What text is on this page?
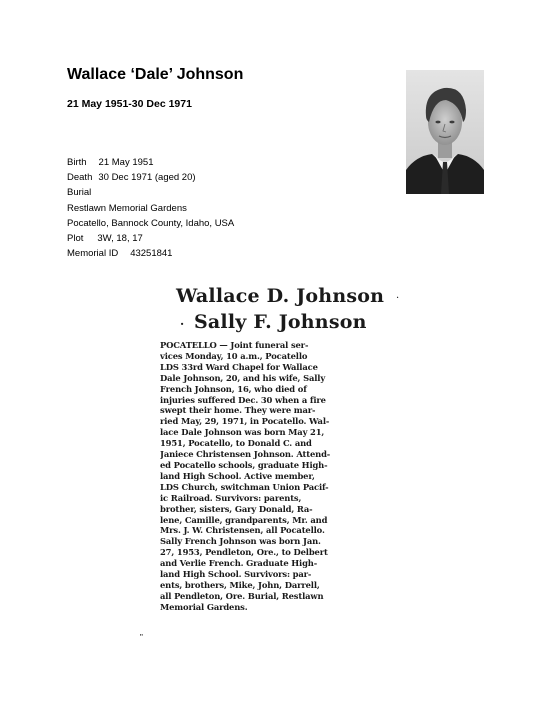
Wallace ‘Dale’ Johnson
21 May 1951-30 Dec 1971
Birth 21 May 1951
Death 30 Dec 1971 (aged 20)
Burial
Restlawn Memorial Gardens
Pocatello, Bannock County, Idaho, USA
Plot 3W, 18, 17
Memorial ID 43251841
Wallace D. Johnson ·
· Sally F. Johnson
POCATELLO — Joint funeral ser-
vices Monday, 10 a.m., Pocatello
LDS 33rd Ward Chapel for Wallace
Dale Johnson, 20, and his wife, Sally
French Johnson, 16, who died of
injuries suffered Dec. 30 when a fire
swept their home. They were mar-
ried May, 29, 1971, in Pocatello. Wal-
lace Dale Johnson was born May 21,
1951, Pocatello, to Donald C. and
Janiece Christensen Johnson. Attend-
ed Pocatello schools, graduate High-
land High School. Active member,
LDS Church, switchman Union Pacif-
ic Railroad. Survivors: parents,
brother, sisters, Gary Donald, Ra-
lene, Camille, grandparents, Mr. and
Mrs. J. W. Christensen, all Pocatello.
Sally French Johnson was born Jan.
27, 1953, Pendleton, Ore., to Delbert
and Verlie French. Graduate High-
land High School. Survivors: par-
ents, brothers, Mike, John, Darrell,
all Pendleton, Ore. Burial, Restlawn
Memorial Gardens.
"
